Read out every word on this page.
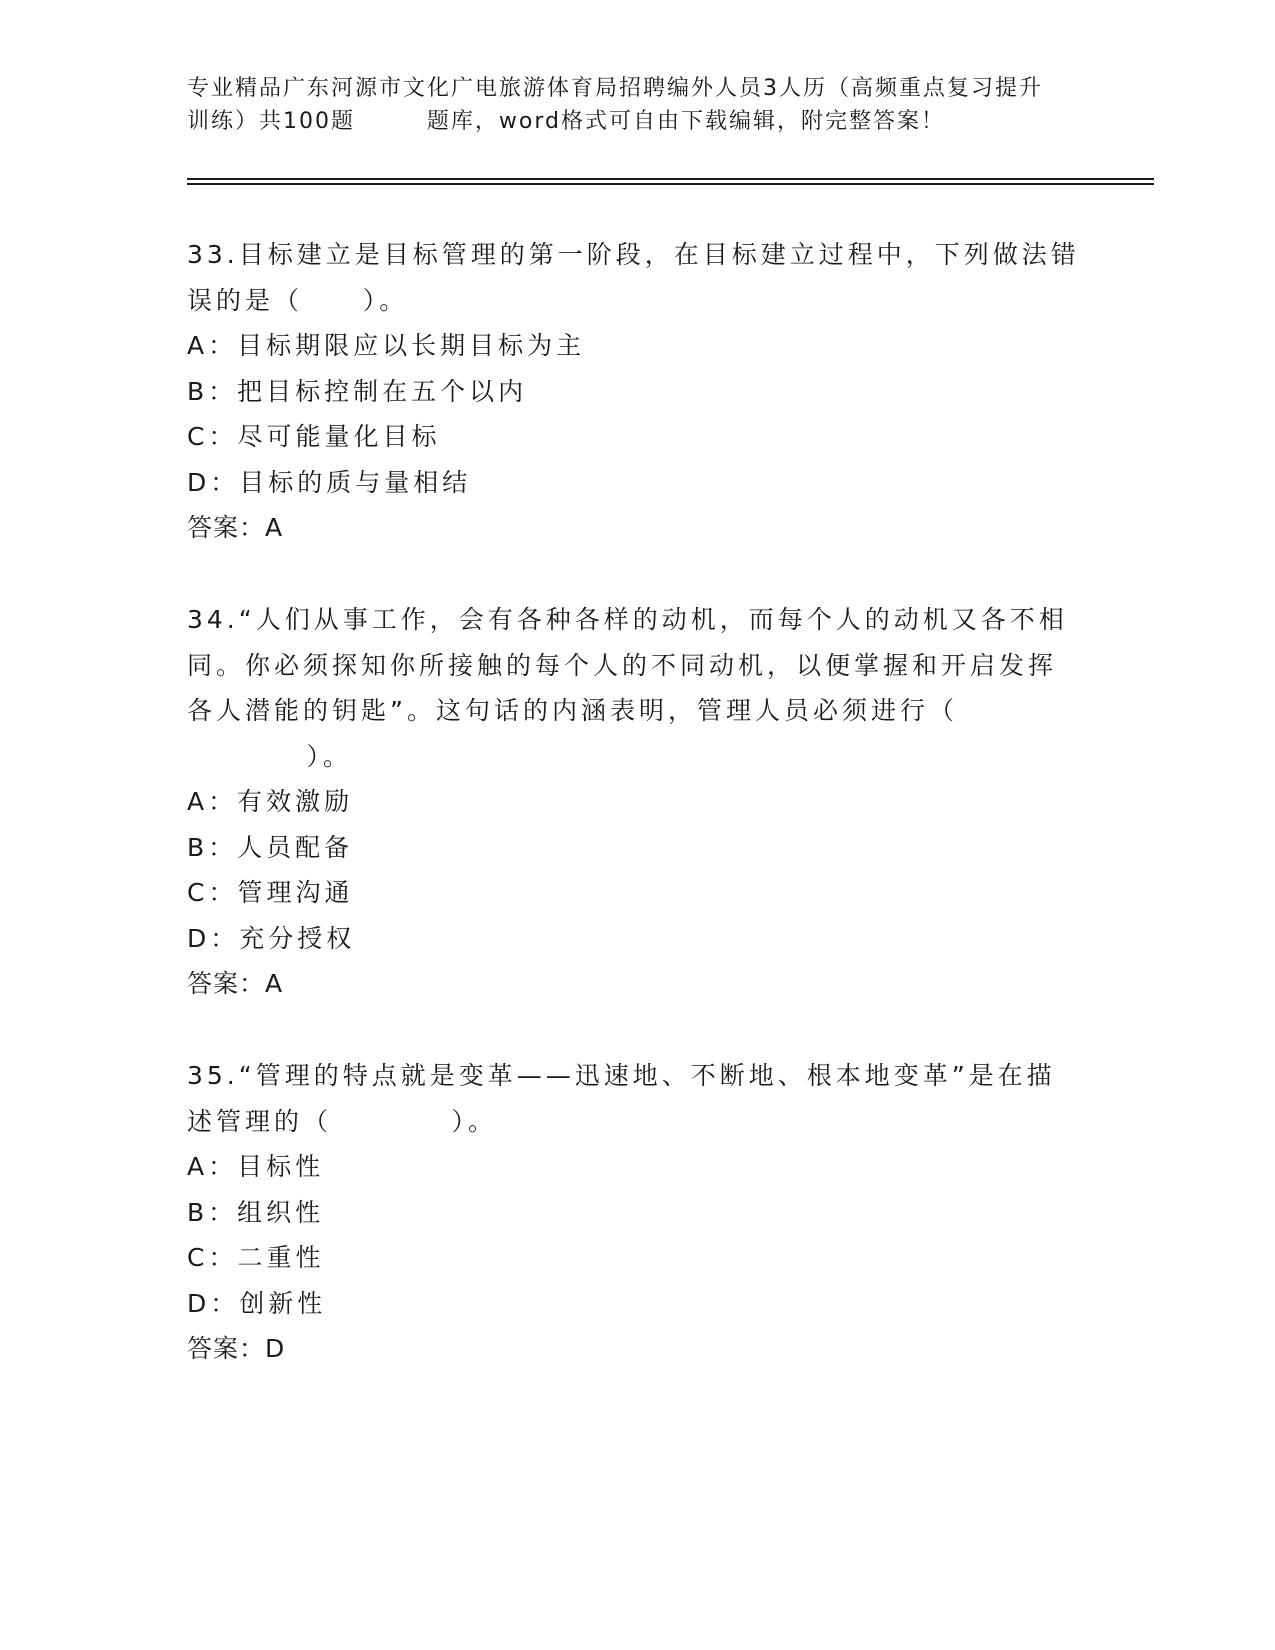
专业精品广东河源市文化广电旅游体育局招聘编外人员3人历（高频重点复习提升
训练）共100题        题库，word格式可自由下载编辑，附完整答案！
33.目标建立是目标管理的第一阶段，在目标建立过程中，下列做法错
误的是（     ）。
A：目标期限应以长期目标为主
B：把目标控制在五个以内
C：尽可能量化目标
D：目标的质与量相结
答案：A
34.“人们从事工作，会有各种各样的动机，而每个人的动机又各不相
同。你必须探知你所接触的每个人的不同动机，以便掌握和开启发挥
各人潜能的钥匙”。这句话的内涵表明，管理人员必须进行（
）。
A：有效激励
B：人员配备
C：管理沟通
D：充分授权
答案：A
35.“管理的特点就是变革——迅速地、不断地、根本地变革”是在描
述管理的（          ）。
A：目标性
B：组织性
C：二重性
D：创新性
答案：D
